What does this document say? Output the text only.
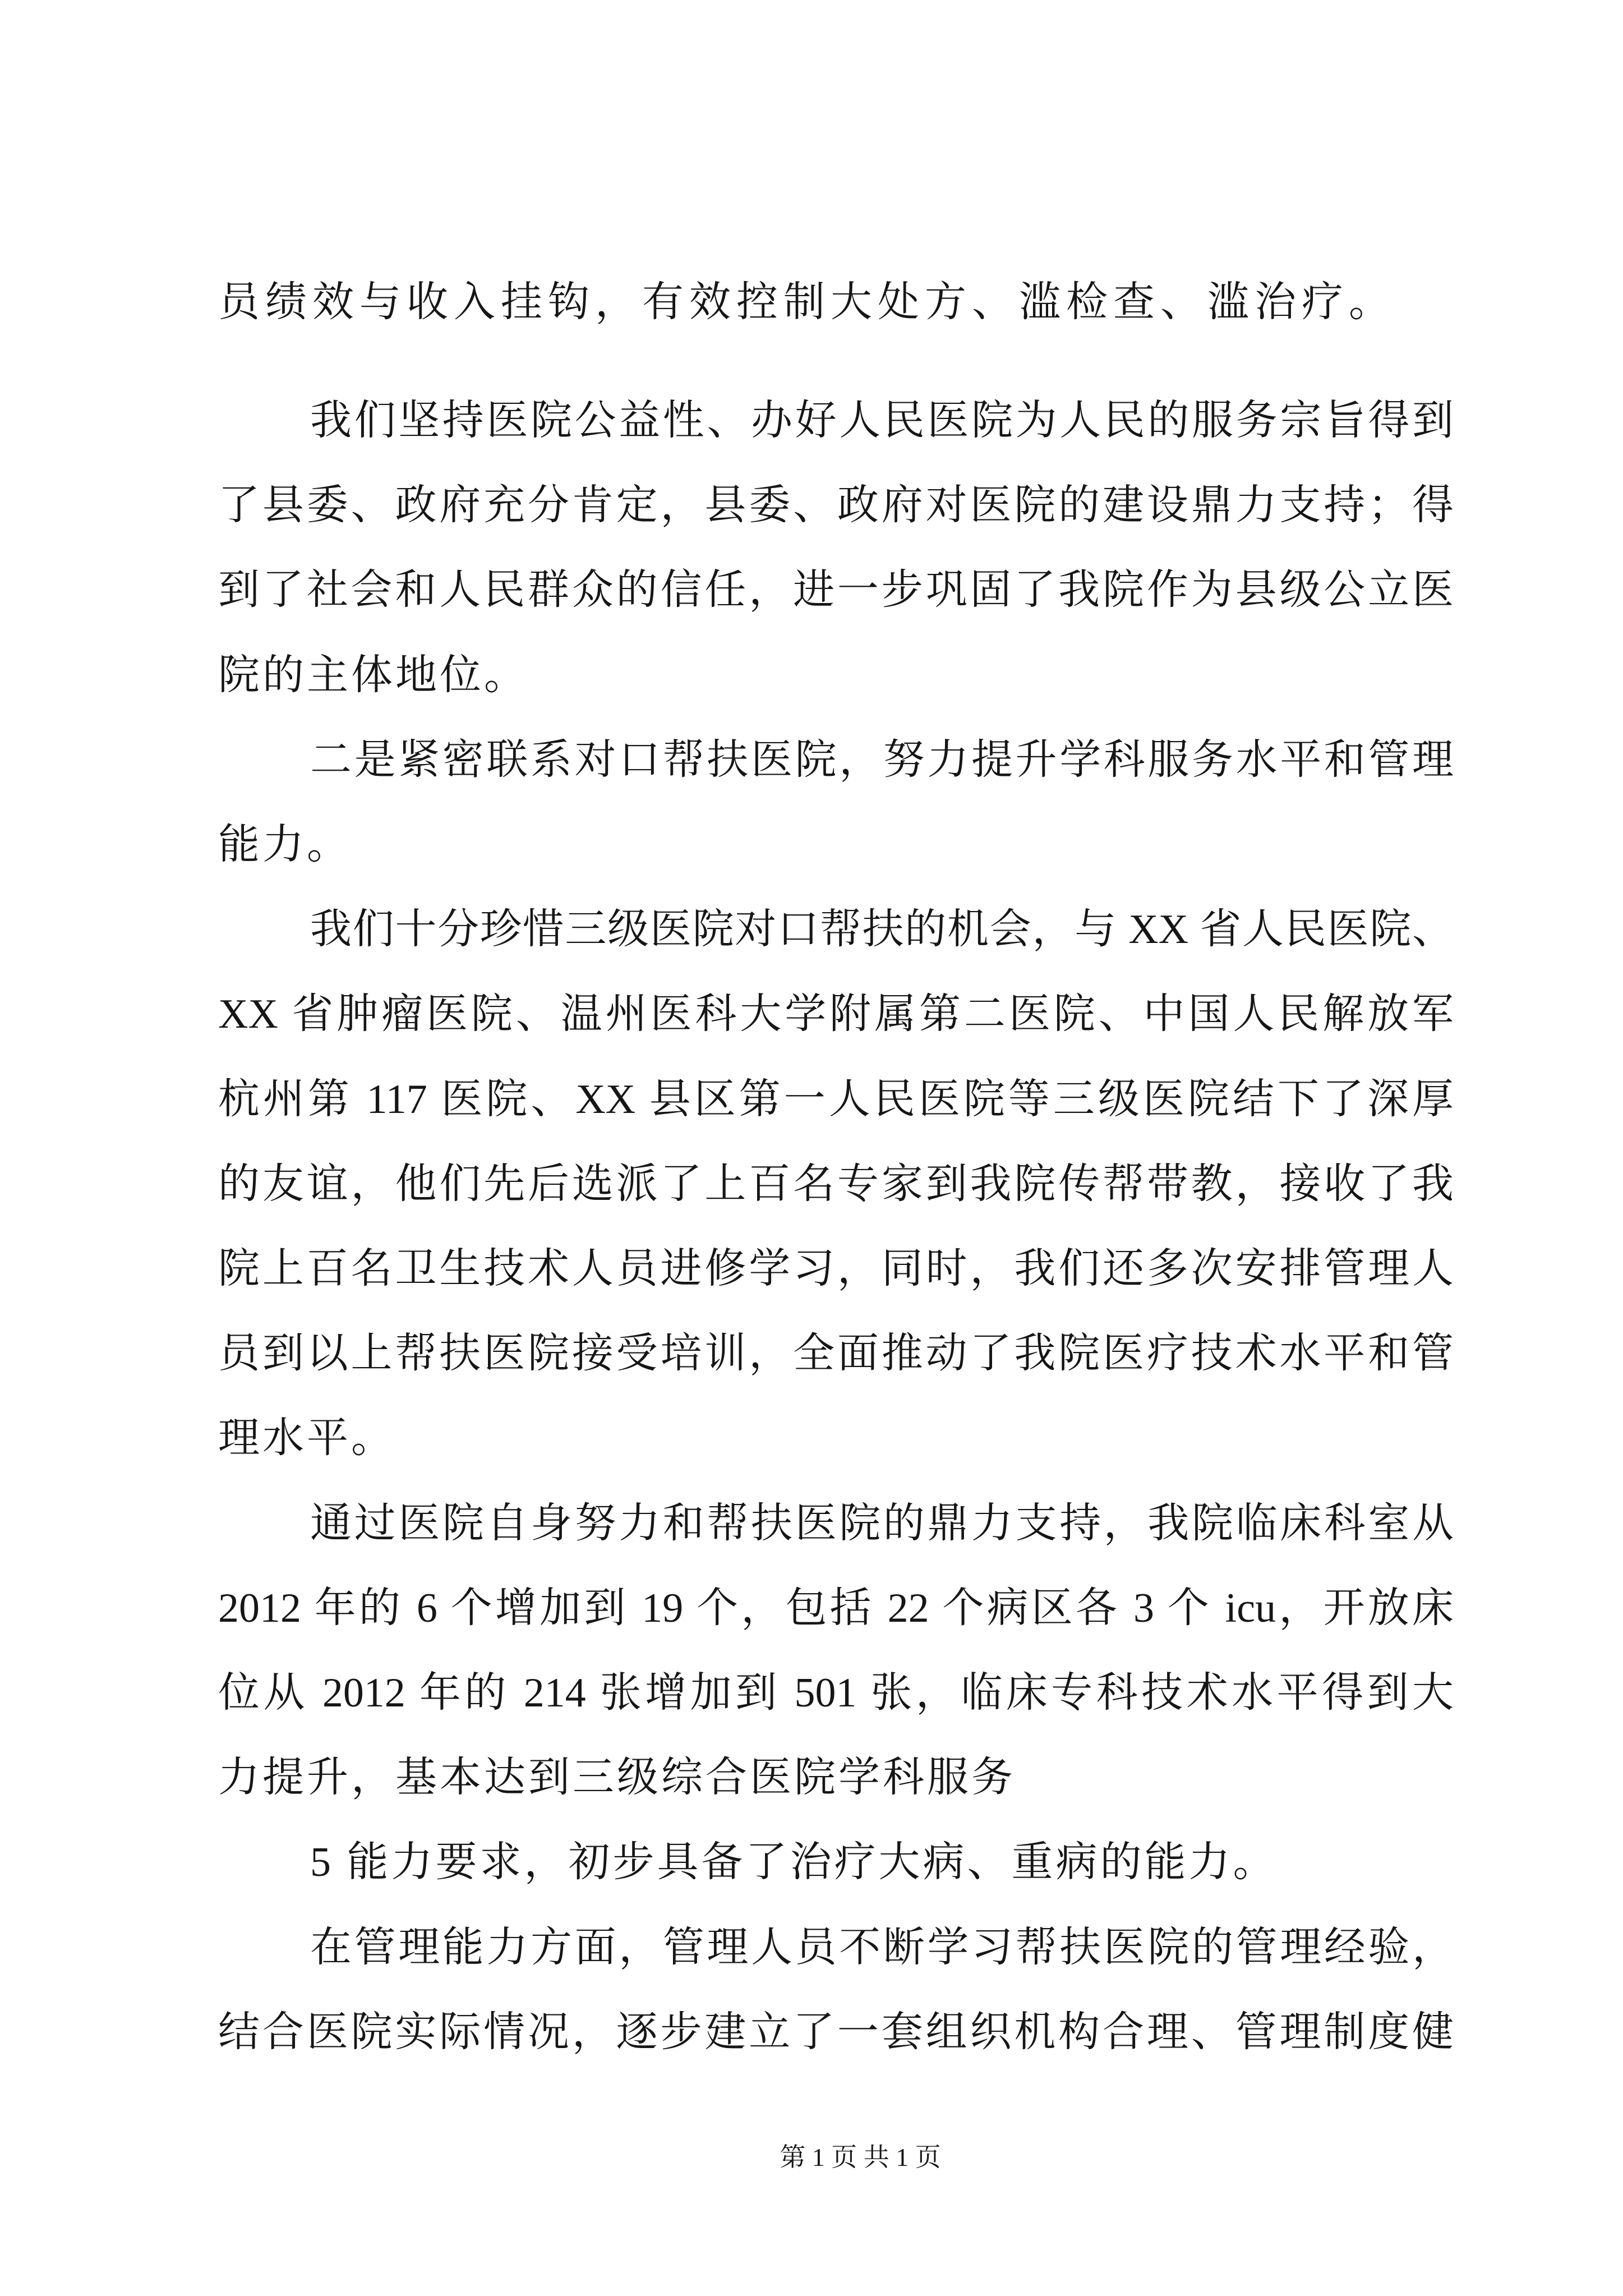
员绩效与收入挂钩，有效控制大处方、滥检查、滥治疗。
我们坚持医院公益性、办好人民医院为人民的服务宗旨得到
了县委、政府充分肯定，县委、政府对医院的建设鼎力支持；得
到了社会和人民群众的信任，进一步巩固了我院作为县级公立医
院的主体地位。
二是紧密联系对口帮扶医院，努力提升学科服务水平和管理
能力。
我们十分珍惜三级医院对口帮扶的机会，与 XX 省人民医院、
XX 省肿瘤医院、温州医科大学附属第二医院、中国人民解放军
杭州第 117 医院、XX 县区第一人民医院等三级医院结下了深厚
的友谊，他们先后选派了上百名专家到我院传帮带教，接收了我
院上百名卫生技术人员进修学习，同时，我们还多次安排管理人
员到以上帮扶医院接受培训，全面推动了我院医疗技术水平和管
理水平。
通过医院自身努力和帮扶医院的鼎力支持，我院临床科室从
2012 年的 6 个增加到 19 个，包括 22 个病区各 3 个 icu，开放床
位从 2012 年的 214 张增加到 501 张，临床专科技术水平得到大
力提升，基本达到三级综合医院学科服务
5 能力要求，初步具备了治疗大病、重病的能力。
在管理能力方面，管理人员不断学习帮扶医院的管理经验，
结合医院实际情况，逐步建立了一套组织机构合理、管理制度健
第 1 页 共 1 页
